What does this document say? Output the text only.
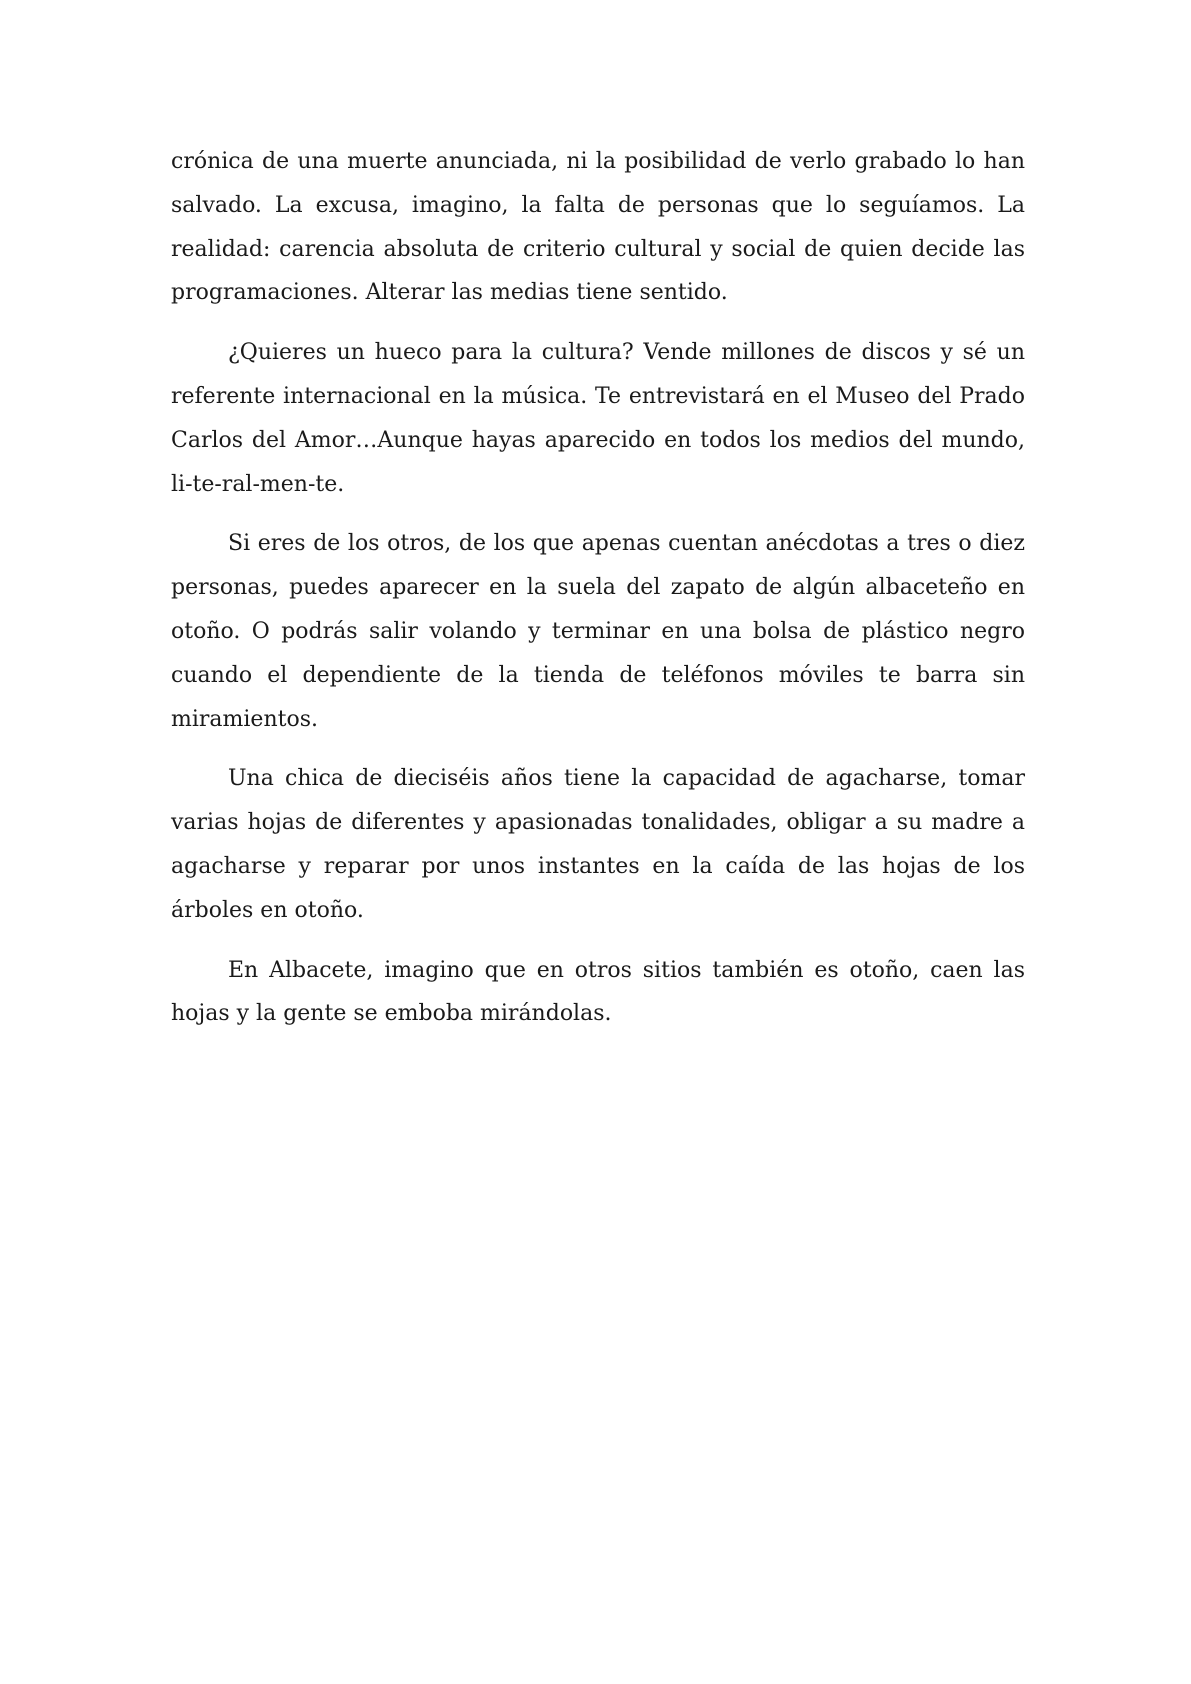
crónica de una muerte anunciada, ni la posibilidad de verlo grabado lo han salvado. La excusa, imagino, la falta de personas que lo seguíamos. La realidad: carencia absoluta de criterio cultural y social de quien decide las programaciones. Alterar las medias tiene sentido.

¿Quieres un hueco para la cultura? Vende millones de discos y sé un referente internacional en la música. Te entrevistará en el Museo del Prado Carlos del Amor…Aunque hayas aparecido en todos los medios del mundo, li-te-ral-men-te.

Si eres de los otros, de los que apenas cuentan anécdotas a tres o diez personas, puedes aparecer en la suela del zapato de algún albaceteño en otoño. O podrás salir volando y terminar en una bolsa de plástico negro cuando el dependiente de la tienda de teléfonos móviles te barra sin miramientos.

Una chica de dieciséis años tiene la capacidad de agacharse, tomar varias hojas de diferentes y apasionadas tonalidades, obligar a su madre a agacharse y reparar por unos instantes en la caída de las hojas de los árboles en otoño.

En Albacete, imagino que en otros sitios también es otoño, caen las hojas y la gente se emboba mirándolas.
